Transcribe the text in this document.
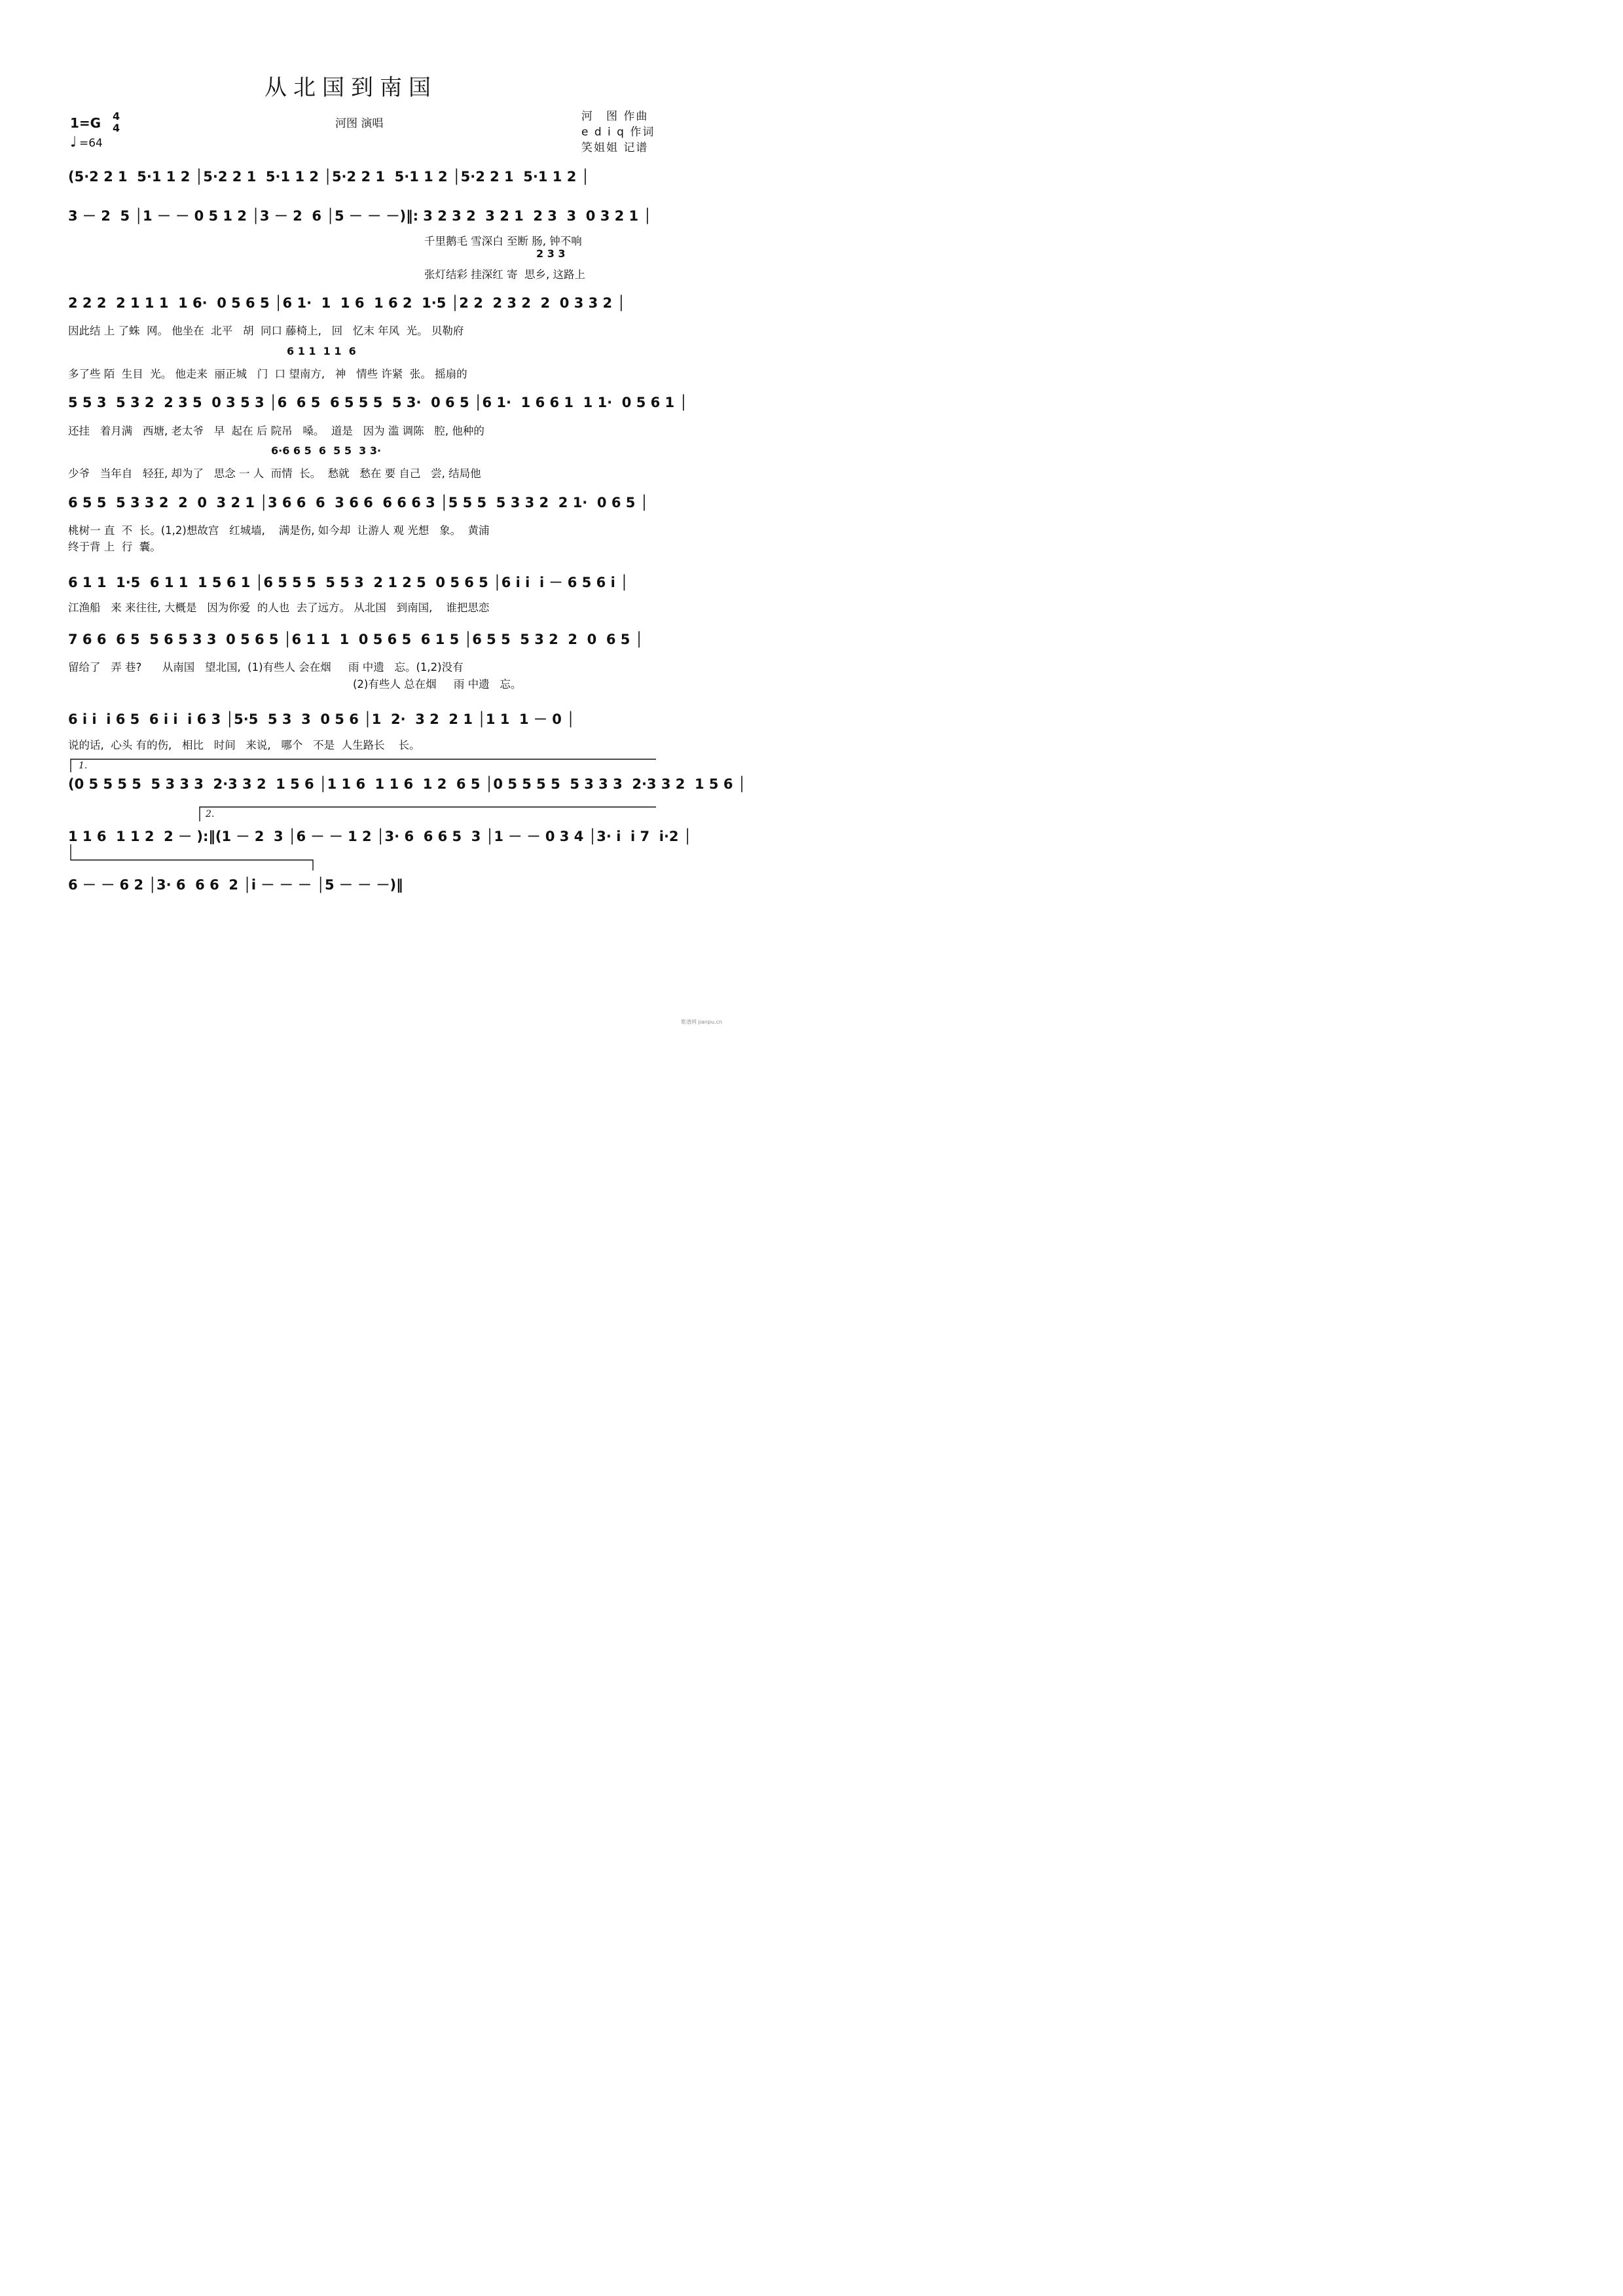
从北国到南国
1=G 4
4
♩ =64
河图 演唱
河　图 作曲
e d i q 作词
笑姐姐 记谱
(5·2 2 1  5·1 1 2 │5·2 2 1  5·1 1 2 │5·2 2 1  5·1 1 2 │5·2 2 1  5·1 1 2 │
3 － 2  5 │1 － － 0 5 1 2 │3 － 2  6 │5 － － －)‖: 3 2 3 2  3 2 1  2 3  3  0 3 2 1 │
千里鹅毛 雪深白 至断 肠, 钟不响
2 3 3
张灯结彩 挂深红 寄  思乡, 这路上
2 2 2  2 1 1 1  1 6·  0 5 6 5 │6 1·  1  1 6  1 6 2  1·5 │2 2  2 3 2  2  0 3 3 2 │
因此结 上 了蛛  网。 他坐在  北平   胡  同口 藤椅上,   回   忆末 年风  光。 贝勒府
6 1 1  1 1  6
多了些 陌  生目  光。 他走来  丽正城   门  口 望南方,   神   情些 许紧  张。 摇扇的
5 5 3  5 3 2  2 3 5  0 3 5 3 │6  6 5  6 5 5 5  5 3·  0 6 5 │6 1·  1 6 6 1  1 1·  0 5 6 1 │
还挂   着月满   西塘, 老太爷   早  起在 后 院吊   嗓。  道是   因为 滥 调陈   腔, 他种的
6·6 6 5  6  5 5  3 3·
少爷   当年自   轻狂, 却为了   思念 一 人  而情  长。  愁就   愁在 要 自己   尝, 结局他
6 5 5  5 3 3 2  2  0  3 2 1 │3 6 6  6  3 6 6  6 6 6 3 │5 5 5  5 3 3 2  2 1·  0 6 5 │
桃树一 直  不  长。(1,2)想故宫   红城墙,    满是伤, 如今却  让游人 观 光想   象。  黄浦
终于背 上  行  囊。
6 1 1  1·5  6 1 1  1 5 6 1 │6 5 5 5  5 5 3  2 1 2 5  0 5 6 5 │6 i i  i － 6 5 6 i │
江渔船   来 来往往, 大概是   因为你爱  的人也  去了远方。 从北国   到南国,    谁把思恋
7 6 6  6 5  5 6 5 3 3  0 5 6 5 │6 1 1  1  0 5 6 5  6 1 5 │6 5 5  5 3 2  2  0  6 5 │
留给了   弄 巷?      从南国   望北国,  (1)有些人 会在烟     雨 中遗   忘。(1,2)没有
(2)有些人 总在烟     雨 中遗   忘。
6 i i  i 6 5  6 i i  i 6 3 │5·5  5 3  3  0 5 6 │1  2·  3 2  2 1 │1 1  1 － 0 │
说的话,  心头 有的伤,   相比   时间   来说,   哪个   不是  人生路长    长。
1.
(0 5 5 5 5  5 3 3 3  2·3 3 2  1 5 6 │1 1 6  1 1 6  1 2  6 5 │0 5 5 5 5  5 3 3 3  2·3 3 2  1 5 6 │
2.
1 1 6  1 1 2  2 － ):‖(1 － 2  3 │6 － － 1 2 │3· 6  6 6 5  3 │1 － － 0 3 4 │3· i  i 7  i·2 │
6 － － 6 2 │3· 6  6 6  2 │i － － － │5 － － －)‖
歌谱网 jianpu.cn
